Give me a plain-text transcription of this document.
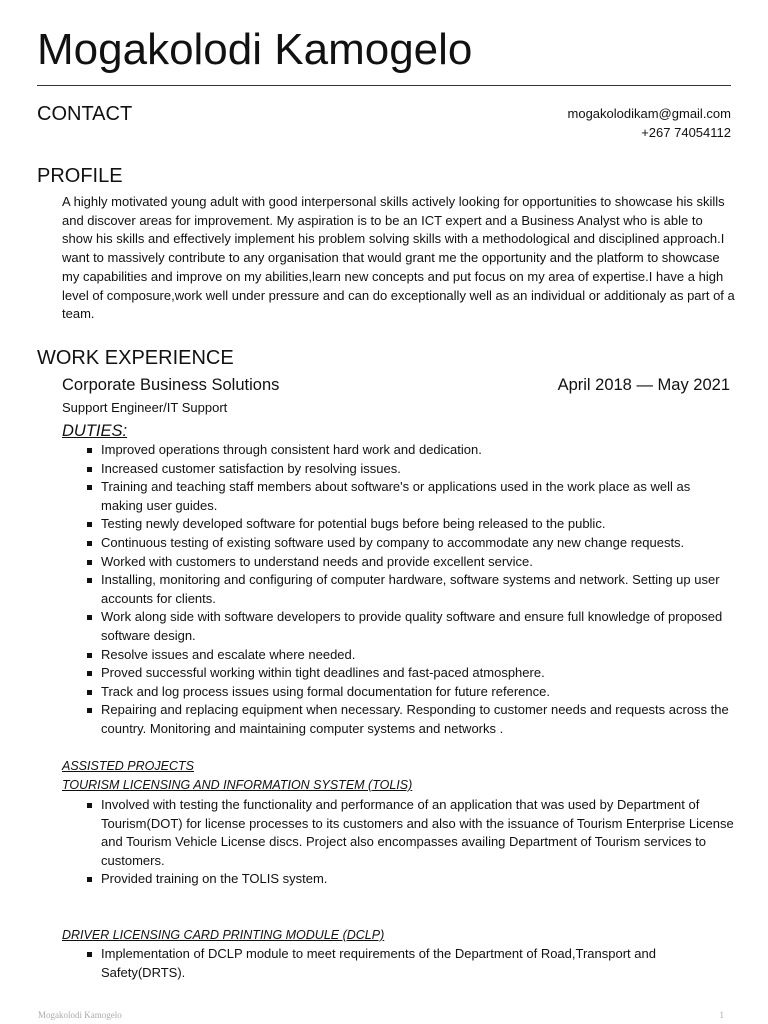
Mogakolodi Kamogelo
CONTACT	mogakolodikam@gmail.com
+267 74054112
PROFILE

A highly motivated young adult with good interpersonal skills actively looking for opportunities to showcase his skills and discover areas for improvement. My aspiration is to be an ICT expert and a Business Analyst who is able to show his skills and effectively implement his problem solving skills with a methodological and disciplined approach.I want to massively contribute to any organisation that would grant me the opportunity and the platform to showcase my capabilities and improve on my abilities,learn new concepts and put focus on my area of expertise.I have a high level of composure,work well under pressure and can do exceptionally well as an individual or additionaly as part of a team.

WORK EXPERIENCE
Corporate Business Solutions	April 2018 — May 2021
Support Engineer/IT Support
DUTIES:
Improved operations through consistent hard work and dedication.
Increased customer satisfaction by resolving issues.
Training and teaching staff members about software's or applications used in the work place as well as making user guides.
Testing newly developed software for potential bugs before being released to the public.
Continuous testing of existing software used by company to accommodate any new change requests.
Worked with customers to understand needs and provide excellent service.
Installing, monitoring and configuring of computer hardware, software systems and network. Setting up user accounts for clients.
Work along side with software developers to provide quality software and ensure full knowledge of proposed software design.
Resolve issues and escalate where needed.
Proved successful working within tight deadlines and fast-paced atmosphere.
Track and log process issues using formal documentation for future reference.
Repairing and replacing equipment when necessary. Responding to customer needs and requests across the country. Monitoring and maintaining computer systems and networks .
ASSISTED PROJECTS
TOURISM LICENSING AND INFORMATION SYSTEM (TOLIS)
Involved with testing the functionality and performance of an application that was used by Department of Tourism(DOT) for license processes to its customers and also with the issuance of Tourism Enterprise License and Tourism Vehicle License discs. Project also encompasses availing Department of Tourism services to customers.
Provided training on the TOLIS system.
DRIVER LICENSING CARD PRINTING MODULE (DCLP)
Implementation of DCLP module to meet requirements of the Department of Road,Transport and Safety(DRTS).
Mogakolodi Kamogelo	1
